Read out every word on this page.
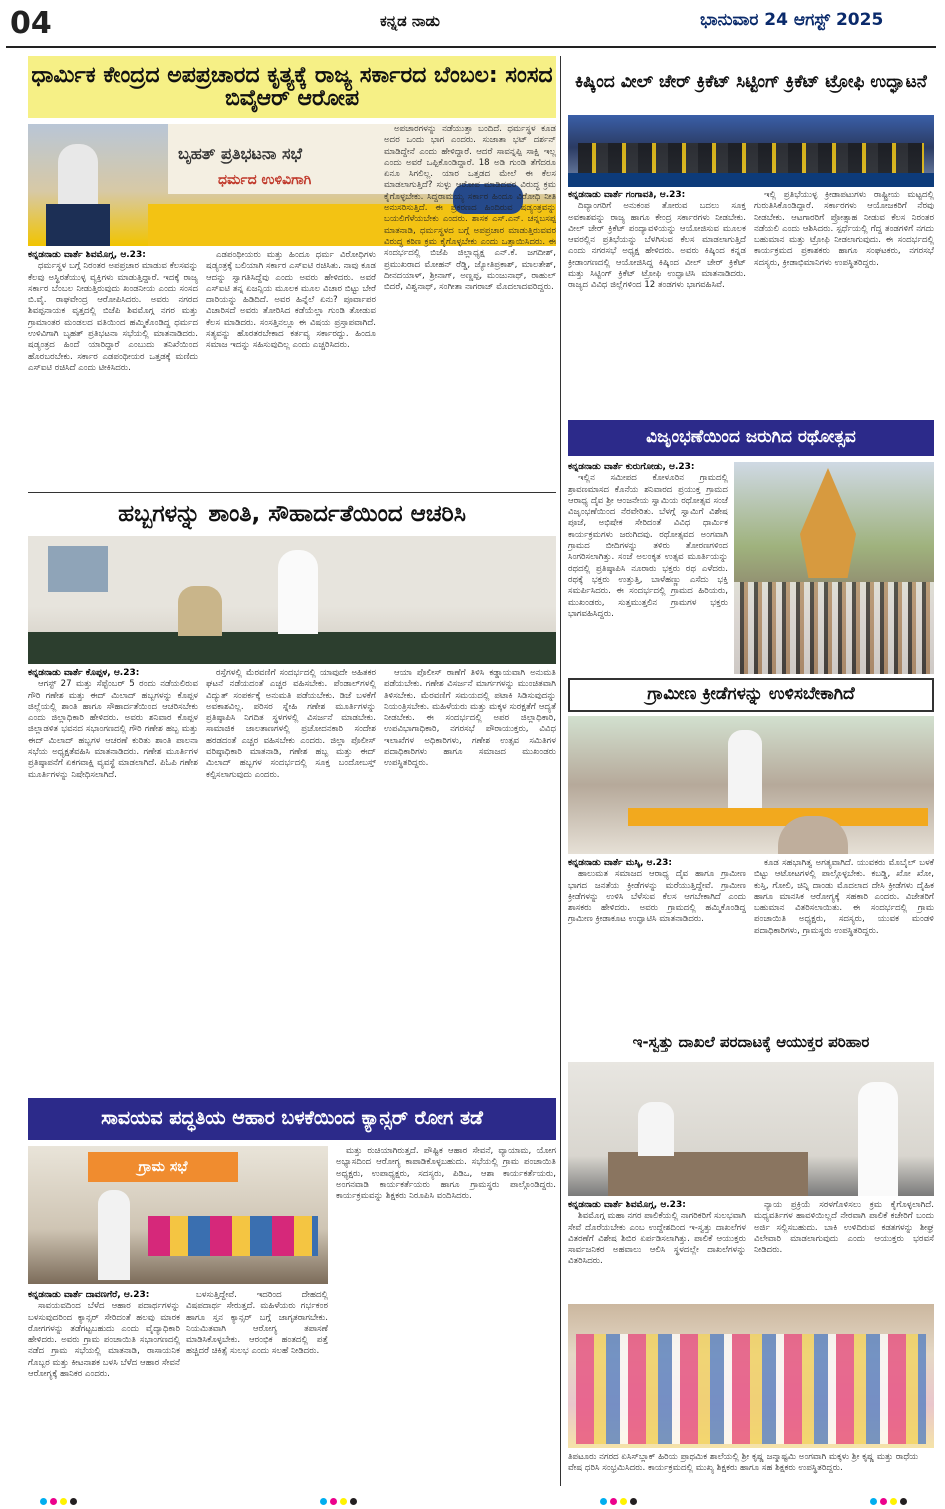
04	ಕನ್ನಡ ನಾಡು	ಭಾನುವಾರ 24 ಆಗಸ್ಟ್ 2025
ಧಾರ್ಮಿಕ ಕೇಂದ್ರದ ಅಪಪ್ರಚಾರದ ಕೃತ್ಯಕ್ಕೆ ರಾಜ್ಯ ಸರ್ಕಾರದ ಬೆಂಬಲ: ಸಂಸದ ಬಿವೈಆರ್ ಆರೋಪ
ಬೃಹತ್ ಪ್ರತಿಭಟನಾ ಸಭೆ
ಧರ್ಮದ ಉಳಿವಿಗಾಗಿ
ಕನ್ನಡನಾಡು ವಾರ್ತೆ ಶಿವಮೊಗ್ಗ, ಆ.23:

ಧರ್ಮಸ್ಥಳ ಬಗ್ಗೆ ನಿರಂತರ ಅಪಪ್ರಚಾರ ಮಾಡುವ ಕೆಲಸವನ್ನು ಕೆಲವು ಅಸ್ಥಿರತೆಯುಳ್ಳ ವ್ಯಕ್ತಿಗಳು ಮಾಡುತ್ತಿದ್ದಾರೆ. ಇದಕ್ಕೆ ರಾಜ್ಯ ಸರ್ಕಾರ ಬೆಂಬಲ ನೀಡುತ್ತಿರುವುದು ಖಂಡನೀಯ ಎಂದು ಸಂಸದ ಬಿ.ವೈ. ರಾಘವೇಂದ್ರ ಆರೋಪಿಸಿದರು. ಅವರು ನಗರದ ಶಿವಪ್ಪನಾಯಕ ವೃತ್ತದಲ್ಲಿ ಬಿಜೆಪಿ ಶಿವಮೊಗ್ಗ ನಗರ ಮತ್ತು ಗ್ರಾಮಾಂತರ ಮಂಡಲದ ವತಿಯಿಂದ ಹಮ್ಮಿಕೊಂಡಿದ್ದ ಧರ್ಮದ ಉಳಿವಿಗಾಗಿ ಬೃಹತ್ ಪ್ರತಿಭಟನಾ ಸಭೆಯಲ್ಲಿ ಮಾತನಾಡಿದರು. ಷಡ್ಯಂತ್ರದ ಹಿಂದೆ ಯಾರಿದ್ದಾರೆ ಎಂಬುದು ತನಿಖೆಯಿಂದ ಹೊರಬರಬೇಕು. ಸರ್ಕಾರ ಎಡಪಂಥೀಯರ ಒತ್ತಡಕ್ಕೆ ಮಣಿದು ಎಸ್ಐಟಿ ರಚಿಸಿದೆ ಎಂದು ಟೀಕಿಸಿದರು.

ಎಡಪಂಥೀಯರು ಮತ್ತು ಹಿಂದೂ ಧರ್ಮ ವಿರೋಧಿಗಳು ಷಡ್ಯಂತ್ರಕ್ಕೆ ಬಲಿಯಾಗಿ ಸರ್ಕಾರ ಎಸ್ಐಟಿ ರಚಿಸಿತು. ನಾವು ಕೂಡ ಆದನ್ನು ಸ್ವಾಗತಿಸಿದ್ದೆವು ಎಂದು ಅವರು ಹೇಳಿದರು. ಅವರೆ ಎಸ್ಐಟಿ ತನ್ನ ಏಜನ್ಸಿಯ ಮೂಲಕ ಮೂಲ ವಿಚಾರ ಬಿಟ್ಟು ಬೇರೆ ದಾರಿಯನ್ನು ಹಿಡಿದಿದೆ. ಅವರ ಹಿನ್ನೆಲೆ ಏನು? ಪೂರ್ವಾಪರ ವಿಚಾರಿಸದೆ ಅವರು ತೋರಿಸಿದ ಕಡೆಯೆಲ್ಲಾ ಗುಂಡಿ ತೋಡುವ ಕೆಲಸ ಮಾಡಿದರು. ಸಂಸತ್ತಿನಲ್ಲೂ ಈ ವಿಷಯ ಪ್ರಸ್ತಾಪವಾಗಿದೆ. ಸತ್ಯವನ್ನು ಹೊರತರಬೇಕಾದ ಕರ್ತವ್ಯ ಸರ್ಕಾರದ್ದು. ಹಿಂದೂ ಸಮಾಜ ಇದನ್ನು ಸಹಿಸುವುದಿಲ್ಲ ಎಂದು ಎಚ್ಚರಿಸಿದರು.

ಅಪಚಾರಗಳನ್ನು ನಡೆಯುತ್ತಾ ಬಂದಿದೆ. ಧರ್ಮಸ್ಥಳ ಕೂಡ ಅದರ ಒಂದು ಭಾಗ ಎಂದರು. ಸುಜಾತಾ ಭಟ್ ದರ್ಶನ್ ಮಾಡಿದ್ದೇನೆ ಎಂದು ಹೇಳಿದ್ದಾರೆ. ಆದರೆ ಸಾವನ್ನಪ್ಪಿ ಸಾಕ್ಷಿ ಇಲ್ಲ ಎಂದು ಅವರೆ ಒಪ್ಪಿಕೊಂಡಿದ್ದಾರೆ. 18 ಅಡಿ ಗುಂಡಿ ತೆಗೆದರೂ ಏನೂ ಸಿಗಲಿಲ್ಲ. ಯಾರ ಒತ್ತಡದ ಮೇಲೆ ಈ ಕೆಲಸ ಮಾಡಲಾಗುತ್ತಿದೆ? ಸುಳ್ಳು ಆರೋಪ ಮಾಡಿದವರ ವಿರುದ್ಧ ಕ್ರಮ ಕೈಗೊಳ್ಳಬೇಕು. ಸಿದ್ದರಾಮಯ್ಯ ಸರ್ಕಾರ ಹಿಂದೂ ವಿರೋಧಿ ನೀತಿ ಅನುಸರಿಸುತ್ತಿದೆ. ಈ ಪ್ರಕರಣದ ಹಿಂದಿರುವ ಷಡ್ಯಂತ್ರವನ್ನು ಬಯಲಿಗೆಳೆಯಬೇಕು ಎಂದರು. ಶಾಸಕ ಎಸ್.ಎನ್. ಚನ್ನಬಸಪ್ಪ ಮಾತನಾಡಿ, ಧರ್ಮಸ್ಥಳದ ಬಗ್ಗೆ ಅಪಪ್ರಚಾರ ಮಾಡುತ್ತಿರುವವರ ವಿರುದ್ಧ ಕಠಿಣ ಕ್ರಮ ಕೈಗೊಳ್ಳಬೇಕು ಎಂದು ಒತ್ತಾಯಿಸಿದರು. ಈ ಸಂದರ್ಭದಲ್ಲಿ ಬಿಜೆಪಿ ಜಿಲ್ಲಾಧ್ಯಕ್ಷ ಎನ್.ಕೆ. ಜಗದೀಶ್, ಪ್ರಮುಖರಾದ ಮೋಹನ್ ರೆಡ್ಡಿ, ಜ್ಯೋತಿಪ್ರಕಾಶ್, ಮಾಲತೇಶ್, ದೀನದಯಾಳ್, ಶ್ರೀನಾಗ್, ಅಣ್ಣಪ್ಪ, ಮಂಜುನಾಥ್, ರಾಹುಲ್ ಬಿದರೆ, ವಿಶ್ವನಾಥ್, ಸಂಗೀತಾ ನಾಗರಾಜ್ ಮೊದಲಾದವರಿದ್ದರು.

ಕಿಷ್ಕಿಂದ ವೀಲ್ ಚೇರ್ ಕ್ರಿಕೆಟ್ ಸಿಟ್ಟಿಂಗ್ ಕ್ರಿಕೆಟ್ ಟ್ರೋಫಿ ಉದ್ಘಾಟನೆ
ಕನ್ನಡನಾಡು ವಾರ್ತೆ ಗಂಗಾವತಿ, ಆ.23:

ದಿವ್ಯಾಂಗರಿಗೆ ಅನುಕಂಪ ತೋರುವ ಬದಲು ಸೂಕ್ತ ಅವಕಾಶವನ್ನು ರಾಜ್ಯ ಹಾಗೂ ಕೇಂದ್ರ ಸರ್ಕಾರಗಳು ನೀಡಬೇಕು. ವೀಲ್ ಚೇರ್ ಕ್ರಿಕೆಟ್ ಪಂದ್ಯಾವಳಿಯನ್ನು ಆಯೋಜಿಸುವ ಮೂಲಕ ಆವರಲ್ಲಿನ ಪ್ರತಿಭೆಯನ್ನು ಬೆಳಗಿಸುವ ಕೆಲಸ ಮಾಡಲಾಗುತ್ತಿದೆ ಎಂದು ನಗರಸಭೆ ಅಧ್ಯಕ್ಷ ಹೇಳಿದರು. ಅವರು ಕಿಷ್ಕಿಂದ ಕನ್ನಡ ಕ್ರೀಡಾಂಗಣದಲ್ಲಿ ಆಯೋಜಿಸಿದ್ದ ಕಿಷ್ಕಿಂದ ವೀಲ್ ಚೇರ್ ಕ್ರಿಕೆಟ್ ಮತ್ತು ಸಿಟ್ಟಿಂಗ್ ಕ್ರಿಕೆಟ್ ಟ್ರೋಫಿ ಉದ್ಘಾಟಿಸಿ ಮಾತನಾಡಿದರು. ರಾಜ್ಯದ ವಿವಿಧ ಜಿಲ್ಲೆಗಳಿಂದ 12 ತಂಡಗಳು ಭಾಗವಹಿಸಿವೆ.

ಇಲ್ಲಿ ಪ್ರತಿಭೆಯುಳ್ಳ ಕ್ರೀಡಾಪಟುಗಳು ರಾಷ್ಟ್ರೀಯ ಮಟ್ಟದಲ್ಲಿ ಗುರುತಿಸಿಕೊಂಡಿದ್ದಾರೆ. ಸರ್ಕಾರಗಳು ಆಯೋಜಕರಿಗೆ ನೆರವು ನೀಡಬೇಕು. ಆಟಗಾರರಿಗೆ ಪ್ರೋತ್ಸಾಹ ನೀಡುವ ಕೆಲಸ ನಿರಂತರ ನಡೆಯಲಿ ಎಂದು ಆಶಿಸಿದರು. ಸ್ಪರ್ಧೆಯಲ್ಲಿ ಗೆದ್ದ ತಂಡಗಳಿಗೆ ನಗದು ಬಹುಮಾನ ಮತ್ತು ಟ್ರೋಫಿ ನೀಡಲಾಗುವುದು. ಈ ಸಂದರ್ಭದಲ್ಲಿ ಕಾರ್ಯಕ್ರಮದ ಪ್ರಕಾಶಕರು ಹಾಗೂ ಸಂಘಟಕರು, ನಗರಸಭೆ ಸದಸ್ಯರು, ಕ್ರೀಡಾಭಿಮಾನಿಗಳು ಉಪಸ್ಥಿತರಿದ್ದರು.

ವಿಜೃಂಭಣೆಯಿಂದ ಜರುಗಿದ ರಥೋತ್ಸವ
ಕನ್ನಡನಾಡು ವಾರ್ತೆ ಕುರುಗೋಡು, ಆ.23:

ಇಲ್ಲಿನ ಸಮೀಪದ ಕೋಳೂರಿನ ಗ್ರಾಮದಲ್ಲಿ ಶ್ರಾವಣಮಾಸದ ಕೊನೆಯ ಶನಿವಾರದ ಪ್ರಯುಕ್ತ ಗ್ರಾಮದ ಆರಾಧ್ಯ ದೈವ ಶ್ರೀ ಆಂಜನೇಯ ಸ್ವಾಮಿಯ ರಥೋತ್ಸವ ಸಂಜೆ ವಿಜೃಂಭಣೆಯಿಂದ ನೆರವೇರಿತು. ಬೆಳಗ್ಗೆ ಸ್ವಾಮಿಗೆ ವಿಶೇಷ ಪೂಜೆ, ಅಭಿಷೇಕ ಸೇರಿದಂತೆ ವಿವಿಧ ಧಾರ್ಮಿಕ ಕಾರ್ಯಕ್ರಮಗಳು ಜರುಗಿದವು. ರಥೋತ್ಸವದ ಅಂಗವಾಗಿ ಗ್ರಾಮದ ಬೀದಿಗಳನ್ನು ತಳಿರು ತೋರಣಗಳಿಂದ ಸಿಂಗರಿಸಲಾಗಿತ್ತು. ಸಂಜೆ ಅಲಂಕೃತ ಉತ್ಸವ ಮೂರ್ತಿಯನ್ನು ರಥದಲ್ಲಿ ಪ್ರತಿಷ್ಠಾಪಿಸಿ ನೂರಾರು ಭಕ್ತರು ರಥ ಎಳೆದರು. ರಥಕ್ಕೆ ಭಕ್ತರು ಉತ್ತುತ್ತಿ, ಬಾಳೆಹಣ್ಣು ಎಸೆದು ಭಕ್ತಿ ಸಮರ್ಪಿಸಿದರು. ಈ ಸಂದರ್ಭದಲ್ಲಿ ಗ್ರಾಮದ ಹಿರಿಯರು, ಮುಖಂಡರು, ಸುತ್ತಮುತ್ತಲಿನ ಗ್ರಾಮಗಳ ಭಕ್ತರು ಭಾಗವಹಿಸಿದ್ದರು.

ಹಬ್ಬಗಳನ್ನು ಶಾಂತಿ, ಸೌಹಾರ್ದತೆಯಿಂದ ಆಚರಿಸಿ
ಕನ್ನಡನಾಡು ವಾರ್ತೆ ಕೊಪ್ಪಳ, ಆ.23:

ಆಗಸ್ಟ್ 27 ಮತ್ತು ಸೆಪ್ಟೆಂಬರ್ 5 ರಂದು ನಡೆಯಲಿರುವ ಗೌರಿ ಗಣೇಶ ಮತ್ತು ಈದ್ ಮಿಲಾದ್ ಹಬ್ಬಗಳನ್ನು ಕೊಪ್ಪಳ ಜಿಲ್ಲೆಯಲ್ಲಿ ಶಾಂತಿ ಹಾಗೂ ಸೌಹಾರ್ದತೆಯಿಂದ ಆಚರಿಸಬೇಕು ಎಂದು ಜಿಲ್ಲಾಧಿಕಾರಿ ಹೇಳಿದರು. ಅವರು ಶನಿವಾರ ಕೊಪ್ಪಳ ಜಿಲ್ಲಾಡಳಿತ ಭವನದ ಸಭಾಂಗಣದಲ್ಲಿ ಗೌರಿ ಗಣೇಶ ಹಬ್ಬ ಮತ್ತು ಈದ್ ಮಿಲಾದ್ ಹಬ್ಬಗಳ ಆಚರಣೆ ಕುರಿತು ಶಾಂತಿ ಪಾಲನಾ ಸಭೆಯ ಅಧ್ಯಕ್ಷತೆವಹಿಸಿ ಮಾತನಾಡಿದರು. ಗಣೇಶ ಮೂರ್ತಿಗಳ ಪ್ರತಿಷ್ಠಾಪನೆಗೆ ಏಕಗವಾಕ್ಷಿ ವ್ಯವಸ್ಥೆ ಮಾಡಲಾಗಿದೆ. ಪಿಓಪಿ ಗಣೇಶ ಮೂರ್ತಿಗಳನ್ನು ನಿಷೇಧಿಸಲಾಗಿದೆ.

ರಸ್ತೆಗಳಲ್ಲಿ ಮೆರವಣಿಗೆ ಸಂದರ್ಭದಲ್ಲಿ ಯಾವುದೇ ಅಹಿತಕರ ಘಟನೆ ನಡೆಯದಂತೆ ಎಚ್ಚರ ವಹಿಸಬೇಕು. ಪೆಂಡಾಲ್‌ಗಳಲ್ಲಿ ವಿದ್ಯುತ್ ಸಂಪರ್ಕಕ್ಕೆ ಅನುಮತಿ ಪಡೆಯಬೇಕು. ಡಿಜೆ ಬಳಕೆಗೆ ಅವಕಾಶವಿಲ್ಲ. ಪರಿಸರ ಸ್ನೇಹಿ ಗಣೇಶ ಮೂರ್ತಿಗಳನ್ನು ಪ್ರತಿಷ್ಠಾಪಿಸಿ ನಿಗದಿತ ಸ್ಥಳಗಳಲ್ಲಿ ವಿಸರ್ಜನೆ ಮಾಡಬೇಕು. ಸಾಮಾಜಿಕ ಜಾಲತಾಣಗಳಲ್ಲಿ ಪ್ರಚೋದನಕಾರಿ ಸಂದೇಶ ಹರಡದಂತೆ ಎಚ್ಚರ ವಹಿಸಬೇಕು ಎಂದರು. ಜಿಲ್ಲಾ ಪೊಲೀಸ್ ವರಿಷ್ಠಾಧಿಕಾರಿ ಮಾತನಾಡಿ, ಗಣೇಶ ಹಬ್ಬ ಮತ್ತು ಈದ್ ಮಿಲಾದ್ ಹಬ್ಬಗಳ ಸಂದರ್ಭದಲ್ಲಿ ಸೂಕ್ತ ಬಂದೋಬಸ್ತ್ ಕಲ್ಪಿಸಲಾಗುವುದು ಎಂದರು.

ಆಯಾ ಪೊಲೀಸ್ ಠಾಣೆಗೆ ತಿಳಿಸಿ ಕಡ್ಡಾಯವಾಗಿ ಅನುಮತಿ ಪಡೆಯಬೇಕು. ಗಣೇಶ ವಿಸರ್ಜನೆ ಮಾರ್ಗಗಳನ್ನು ಮುಂಚಿತವಾಗಿ ತಿಳಿಸಬೇಕು. ಮೆರವಣಿಗೆ ಸಮಯದಲ್ಲಿ ಪಟಾಕಿ ಸಿಡಿಸುವುದನ್ನು ನಿಯಂತ್ರಿಸಬೇಕು. ಮಹಿಳೆಯರು ಮತ್ತು ಮಕ್ಕಳ ಸುರಕ್ಷತೆಗೆ ಆದ್ಯತೆ ನೀಡಬೇಕು. ಈ ಸಂದರ್ಭದಲ್ಲಿ ಅಪರ ಜಿಲ್ಲಾಧಿಕಾರಿ, ಉಪವಿಭಾಗಾಧಿಕಾರಿ, ನಗರಸಭೆ ಪೌರಾಯುಕ್ತರು, ವಿವಿಧ ಇಲಾಖೆಗಳ ಅಧಿಕಾರಿಗಳು, ಗಣೇಶ ಉತ್ಸವ ಸಮಿತಿಗಳ ಪದಾಧಿಕಾರಿಗಳು ಹಾಗೂ ಸಮಾಜದ ಮುಖಂಡರು ಉಪಸ್ಥಿತರಿದ್ದರು.

ಗ್ರಾಮೀಣ ಕ್ರೀಡೆಗಳನ್ನು ಉಳಿಸಬೇಕಾಗಿದೆ
ಕನ್ನಡನಾಡು ವಾರ್ತೆ ಮಸ್ಕಿ, ಆ.23:

ಹಾಲುಮತ ಸಮಾಜದ ಆರಾಧ್ಯ ದೈವ ಹಾಗೂ ಗ್ರಾಮೀಣ ಭಾಗದ ಜನತೆಯ ಕ್ರೀಡೆಗಳನ್ನು ಮರೆಯುತ್ತಿದ್ದೇವೆ. ಗ್ರಾಮೀಣ ಕ್ರೀಡೆಗಳನ್ನು ಉಳಿಸಿ ಬೆಳೆಸುವ ಕೆಲಸ ಆಗಬೇಕಾಗಿದೆ ಎಂದು ಶಾಸಕರು ಹೇಳಿದರು. ಅವರು ಗ್ರಾಮದಲ್ಲಿ ಹಮ್ಮಿಕೊಂಡಿದ್ದ ಗ್ರಾಮೀಣ ಕ್ರೀಡಾಕೂಟ ಉದ್ಘಾಟಿಸಿ ಮಾತನಾಡಿದರು.

ಕೂಡ ಸಹಭಾಗಿತ್ವ ಅಗತ್ಯವಾಗಿದೆ. ಯುವಕರು ಮೊಬೈಲ್ ಬಳಕೆ ಬಿಟ್ಟು ಆಟೋಟಗಳಲ್ಲಿ ಪಾಲ್ಗೊಳ್ಳಬೇಕು. ಕಬಡ್ಡಿ, ಖೋ ಖೋ, ಕುಸ್ತಿ, ಗೋಲಿ, ಚಿನ್ನಿ ದಾಂಡು ಮೊದಲಾದ ದೇಸಿ ಕ್ರೀಡೆಗಳು ದೈಹಿಕ ಹಾಗೂ ಮಾನಸಿಕ ಆರೋಗ್ಯಕ್ಕೆ ಸಹಕಾರಿ ಎಂದರು. ವಿಜೇತರಿಗೆ ಬಹುಮಾನ ವಿತರಿಸಲಾಯಿತು. ಈ ಸಂದರ್ಭದಲ್ಲಿ ಗ್ರಾಮ ಪಂಚಾಯಿತಿ ಅಧ್ಯಕ್ಷರು, ಸದಸ್ಯರು, ಯುವಕ ಮಂಡಳಿ ಪದಾಧಿಕಾರಿಗಳು, ಗ್ರಾಮಸ್ಥರು ಉಪಸ್ಥಿತರಿದ್ದರು.

ಇ-ಸ್ವತ್ತು ದಾಖಲೆ ಪರದಾಟಕ್ಕೆ ಆಯುಕ್ತರ ಪರಿಹಾರ
ಕನ್ನಡನಾಡು ವಾರ್ತೆ ಶಿವಮೊಗ್ಗ, ಆ.23:

ಶಿವಮೊಗ್ಗ ಮಹಾ ನಗರ ಪಾಲಿಕೆಯಲ್ಲಿ ನಾಗರಿಕರಿಗೆ ಸುಲಭವಾಗಿ ಸೇವೆ ದೊರೆಯಬೇಕು ಎಂಬ ಉದ್ದೇಶದಿಂದ ಇ-ಸ್ವತ್ತು ದಾಖಲೆಗಳ ವಿತರಣೆಗೆ ವಿಶೇಷ ಶಿಬಿರ ಏರ್ಪಡಿಸಲಾಗಿತ್ತು. ಪಾಲಿಕೆ ಆಯುಕ್ತರು ಸಾರ್ವಜನಿಕರ ಅಹವಾಲು ಆಲಿಸಿ ಸ್ಥಳದಲ್ಲೇ ದಾಖಲೆಗಳನ್ನು ವಿತರಿಸಿದರು.

ನ್ಯಾಯ ಪ್ರಕ್ರಿಯೆ ಸರಳಗೊಳಿಸಲು ಕ್ರಮ ಕೈಗೊಳ್ಳಲಾಗಿದೆ. ಮಧ್ಯವರ್ತಿಗಳ ಹಾವಳಿಯಿಲ್ಲದೆ ನೇರವಾಗಿ ಪಾಲಿಕೆ ಕಚೇರಿಗೆ ಬಂದು ಅರ್ಜಿ ಸಲ್ಲಿಸಬಹುದು. ಬಾಕಿ ಉಳಿದಿರುವ ಕಡತಗಳನ್ನು ಶೀಘ್ರ ವಿಲೇವಾರಿ ಮಾಡಲಾಗುವುದು ಎಂದು ಆಯುಕ್ತರು ಭರವಸೆ ನೀಡಿದರು.

ಸಾವಯವ ಪದ್ಧತಿಯ ಆಹಾರ ಬಳಕೆಯಿಂದ ಕ್ಯಾನ್ಸರ್ ರೋಗ ತಡೆ
ಗ್ರಾಮ ಸಭೆ
ಕನ್ನಡನಾಡು ವಾರ್ತೆ ದಾವಣಗೆರೆ, ಆ.23:

ಸಾವಯವದಿಂದ ಬೆಳೆದ ಆಹಾರ ಪದಾರ್ಥಗಳನ್ನು ಬಳಸುವುದರಿಂದ ಕ್ಯಾನ್ಸರ್ ಸೇರಿದಂತೆ ಹಲವು ಮಾರಕ ರೋಗಗಳನ್ನು ತಡೆಗಟ್ಟಬಹುದು ಎಂದು ವೈದ್ಯಾಧಿಕಾರಿ ಹೇಳಿದರು. ಅವರು ಗ್ರಾಮ ಪಂಚಾಯಿತಿ ಸಭಾಂಗಣದಲ್ಲಿ ನಡೆದ ಗ್ರಾಮ ಸಭೆಯಲ್ಲಿ ಮಾತನಾಡಿ, ರಾಸಾಯನಿಕ ಗೊಬ್ಬರ ಮತ್ತು ಕೀಟನಾಶಕ ಬಳಸಿ ಬೆಳೆದ ಆಹಾರ ಸೇವನೆ ಆರೋಗ್ಯಕ್ಕೆ ಹಾನಿಕರ ಎಂದರು.

ಬಳಸುತ್ತಿದ್ದೇವೆ. ಇದರಿಂದ ದೇಹದಲ್ಲಿ ವಿಷಪದಾರ್ಥ ಸೇರುತ್ತದೆ. ಮಹಿಳೆಯರು ಗರ್ಭಕಂಠ ಹಾಗೂ ಸ್ತನ ಕ್ಯಾನ್ಸರ್ ಬಗ್ಗೆ ಜಾಗೃತರಾಗಬೇಕು. ನಿಯಮಿತವಾಗಿ ಆರೋಗ್ಯ ತಪಾಸಣೆ ಮಾಡಿಸಿಕೊಳ್ಳಬೇಕು. ಆರಂಭಿಕ ಹಂತದಲ್ಲಿ ಪತ್ತೆ ಹಚ್ಚಿದರೆ ಚಿಕಿತ್ಸೆ ಸುಲಭ ಎಂದು ಸಲಹೆ ನೀಡಿದರು.

ಮತ್ತು ರುಚಿಯಾಗಿರುತ್ತದೆ. ಪೌಷ್ಟಿಕ ಆಹಾರ ಸೇವನೆ, ವ್ಯಾಯಾಮ, ಯೋಗ ಅಭ್ಯಾಸದಿಂದ ಆರೋಗ್ಯ ಕಾಪಾಡಿಕೊಳ್ಳಬಹುದು. ಸಭೆಯಲ್ಲಿ ಗ್ರಾಮ ಪಂಚಾಯಿತಿ ಅಧ್ಯಕ್ಷರು, ಉಪಾಧ್ಯಕ್ಷರು, ಸದಸ್ಯರು, ಪಿಡಿಒ, ಆಶಾ ಕಾರ್ಯಕರ್ತೆಯರು, ಅಂಗನವಾಡಿ ಕಾರ್ಯಕರ್ತೆಯರು ಹಾಗೂ ಗ್ರಾಮಸ್ಥರು ಪಾಲ್ಗೊಂಡಿದ್ದರು. ಕಾರ್ಯಕ್ರಮವನ್ನು ಶಿಕ್ಷಕರು ನಿರೂಪಿಸಿ ವಂದಿಸಿದರು.

ತಿಪಟೂರು ನಗರದ ಏಸಿಸ್‌ಬ್ಲಾಕ್ ಹಿರಿಯ ಪ್ರಾಥಮಿಕ ಶಾಲೆಯಲ್ಲಿ ಶ್ರೀ ಕೃಷ್ಣ ಜನ್ಮಾಷ್ಟಮಿ ಅಂಗವಾಗಿ ಮಕ್ಕಳು ಶ್ರೀ ಕೃಷ್ಣ ಮತ್ತು ರಾಧೆಯ ವೇಷ ಧರಿಸಿ ಸಂಭ್ರಮಿಸಿದರು. ಕಾರ್ಯಕ್ರಮದಲ್ಲಿ ಮುಖ್ಯ ಶಿಕ್ಷಕರು ಹಾಗೂ ಸಹ ಶಿಕ್ಷಕರು ಉಪಸ್ಥಿತರಿದ್ದರು.
